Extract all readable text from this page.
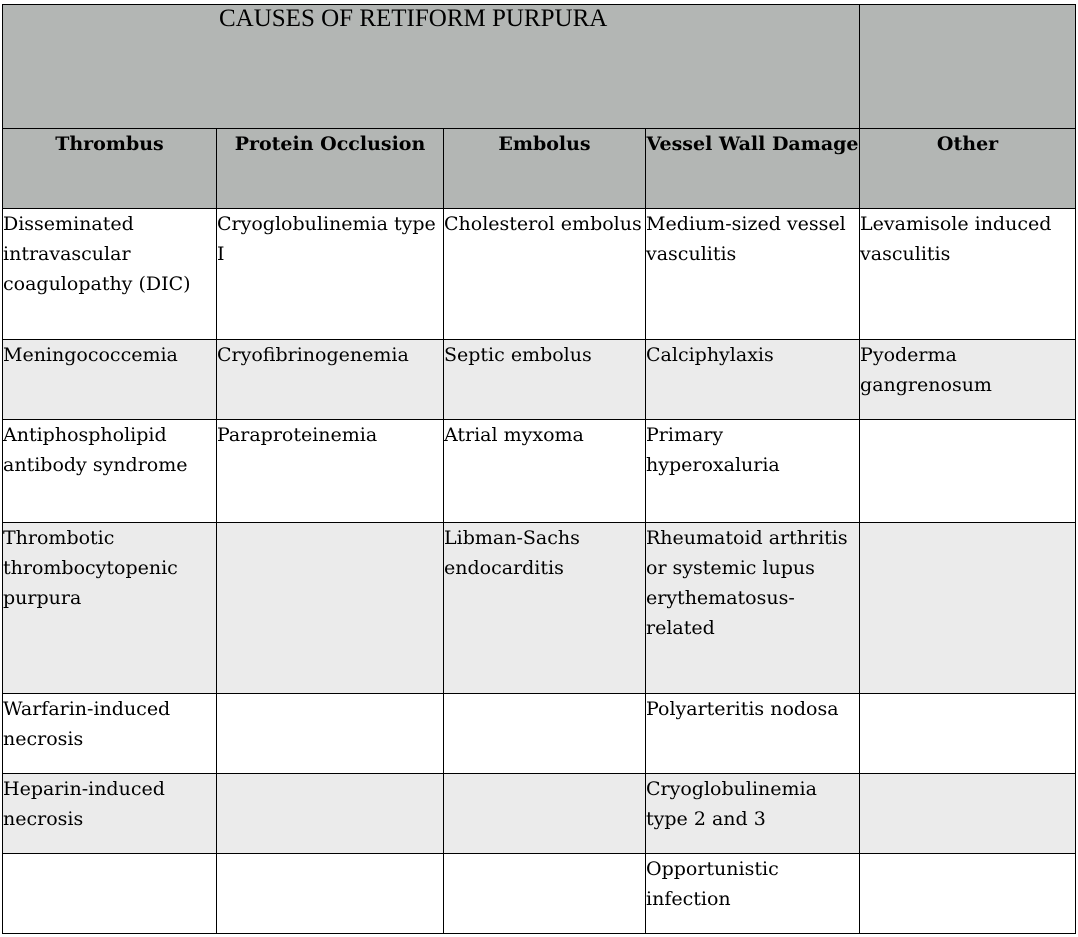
CAUSES OF RETIFORM PURPURA				

Thrombus	Protein Occlusion	Embolus	Vessel Wall Damage	Other
Disseminated intravascular coagulopathy (DIC)	Cryoglobulinemia type I	Cholesterol embolus	Medium-sized vessel vasculitis	Levamisole induced vasculitis
Meningococcemia	Cryofibrinogenemia	Septic embolus	Calciphylaxis	Pyoderma gangrenosum
Antiphospholipid antibody syndrome	Paraproteinemia	Atrial myxoma	Primary hyperoxaluria	
Thrombotic thrombocytopenic purpura		Libman-Sachs endocarditis	Rheumatoid arthritis or systemic lupus erythematosus-related	
Warfarin-induced necrosis			Polyarteritis nodosa	
Heparin-induced necrosis			Cryoglobulinemia type 2 and 3	
			Opportunistic infection	
